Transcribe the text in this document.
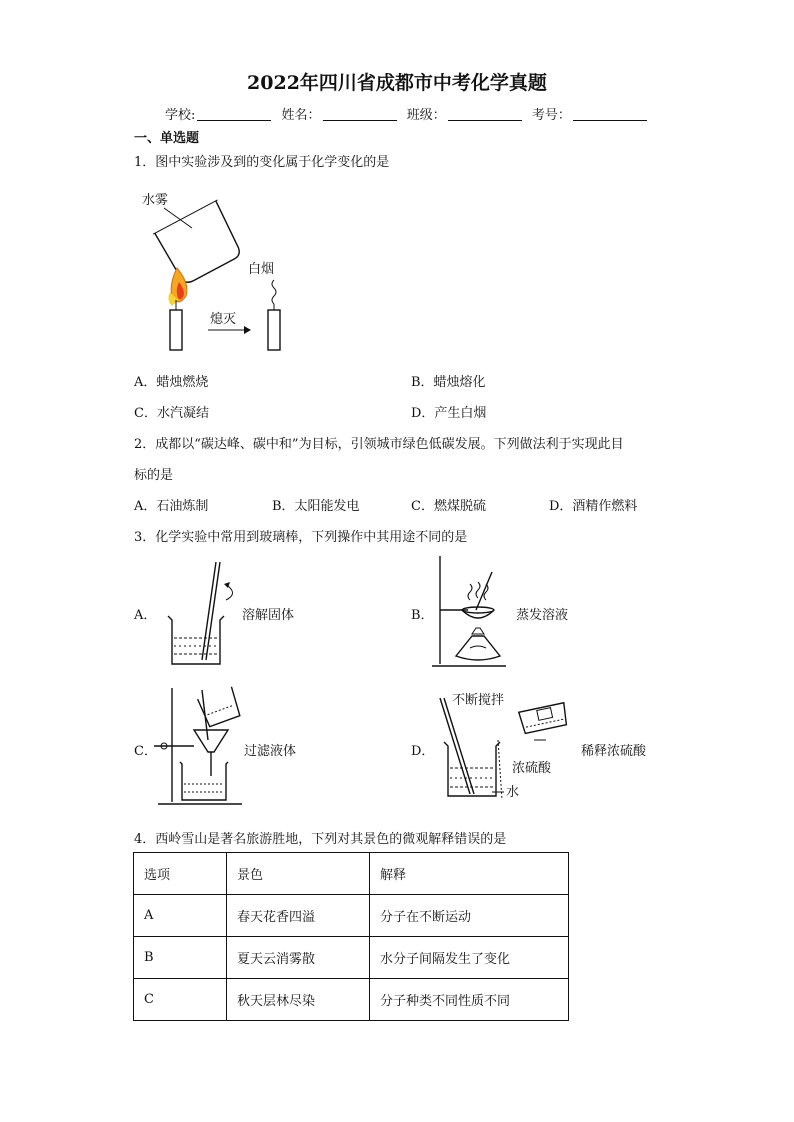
2022年四川省成都市中考化学真题
学校:	姓名：	班级：	考号：
一、单选题
1．图中实验涉及到的变化属于化学变化的是
水雾
熄灭
白烟
A．蜡烛燃烧	B．蜡烛熔化
C．水汽凝结	D．产生白烟
2．成都以“碳达峰、碳中和”为目标，引领城市绿色低碳发展。下列做法利于实现此目
标的是
A．石油炼制	B．太阳能发电	C．燃煤脱硫	D．酒精作燃料
3．化学实验中常用到玻璃棒，下列操作中其用途不同的是
A．	溶解固体	B．	蒸发溶液
C．	过滤液体	D．
不断搅拌
浓硫酸
水
稀释浓硫酸
4．西岭雪山是著名旅游胜地，下列对其景色的微观解释错误的是
选项	景色	解释
A	春天花香四溢	分子在不断运动
B	夏天云消雾散	水分子间隔发生了变化
C	秋天层林尽染	分子种类不同性质不同
